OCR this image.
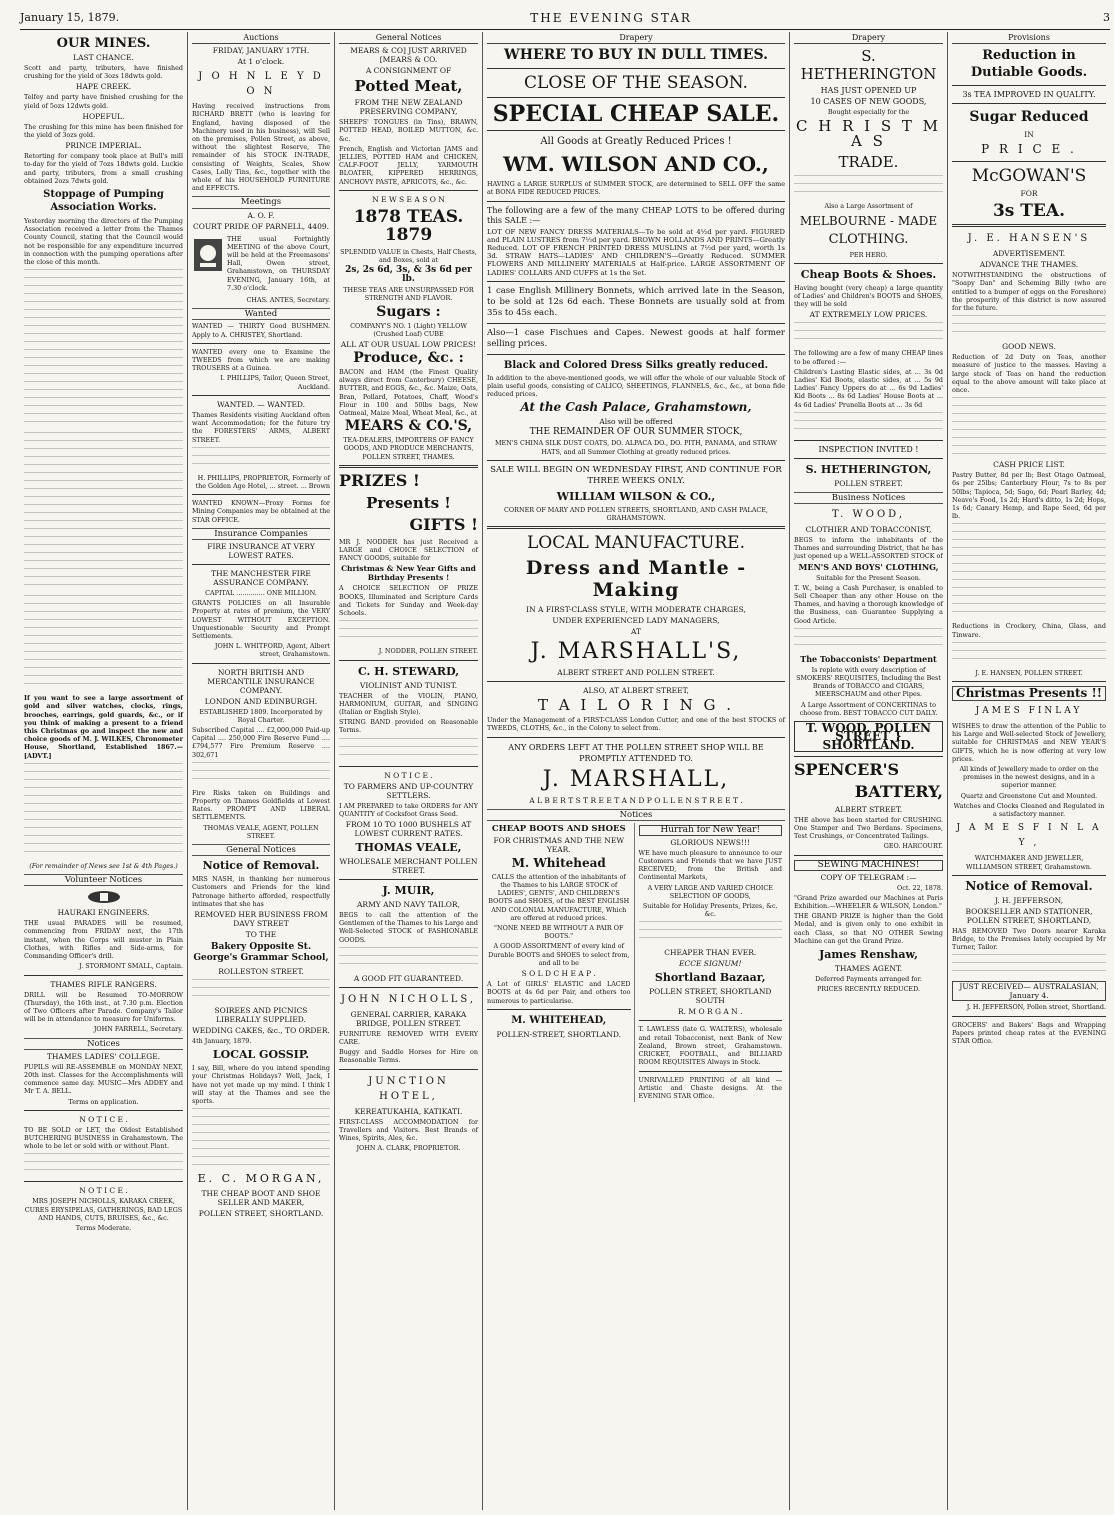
January 15, 1879.	THE EVENING STAR	3
OUR MINES.
LAST CHANCE.
Scott and party, tributers, have finished crushing for the yield of 3ozs 18dwts gold.
HAPE CREEK.
Telfey and party have finished crushing for the yield of 5ozs 12dwts gold.
HOPEFUL.
The crushing for this mine has been finished for the yield of 3ozs gold.
PRINCE IMPERIAL.
Retorting for company took place at Bull's mill to-day for the yield of 7ozs 18dwts gold. Luckie and party, tributers, from a small crushing obtained 2ozs 7dwts gold.
Stoppage of Pumping Association Works.
Yesterday morning the directors of the Pumping Association received a letter from the Thames County Council, stating that the Council would not be responsible for any expenditure incurred in connection with the pumping operations after the close of this month.
If you want to see a large assortment of gold and silver watches, clocks, rings, brooches, earrings, gold guards, &c., or if you think of making a present to a friend this Christmas go and inspect the new and choice goods of M. J. WILKES, Chronometer House, Shortland, Established 1867.—[ADVT.]
(For remainder of News see 1st & 4th Pages.)
Volunteer Notices
HAURAKI ENGINEERS.
THE usual PARADES will be resumed, commencing from FRIDAY next, the 17th instant, when the Corps will muster in Plain Clothes, with Rifles and Side-arms, for Commanding Officer's drill.
J. STORMONT SMALL, Captain.
THAMES RIFLE RANGERS.
DRILL will be Resumed TO-MORROW (Thursday), the 16th inst., at 7.30 p.m. Election of Two Officers after Parade. Company's Tailor will be in attendance to measure for Uniforms.
JOHN FARRELL, Secretary.
Notices
THAMES LADIES' COLLEGE.
PUPILS will RE-ASSEMBLE on MONDAY NEXT, 20th inst. Classes for the Accomplishments will commence same day. MUSIC—Mrs ADDEY and Mr T. A. BELL.
Terms on application.
N O T I C E .
TO BE SOLD or LET, the Oldest Established BUTCHERING BUSINESS in Grahamstown. The whole to be let or sold with or without Plant.
N O T I C E .
MRS JOSEPH NICHOLLS, KARAKA CREEK, CURES ERYSIPELAS, GATHERINGS, BAD LEGS AND HANDS, CUTS, BRUISES, &c., &c.
Terms Moderate.
Auctions
FRIDAY, JANUARY 17TH.
At 1 o'clock.
J O H N L E Y D O N
Having received instructions from RICHARD BRETT (who is leaving for England, having disposed of the Machinery used in his business), will Sell on the premises, Pollen Street, as above, without the slightest Reserve, The remainder of his STOCK IN-TRADE, consisting of Weights, Scales, Show Cases, Lolly Tins, &c., together with the whole of his HOUSEHOLD FURNITURE and EFFECTS.
Meetings
A. O. F.
COURT PRIDE OF PARNELL, 4409.
THE usual Fortnightly MEETING of the above Court, will be held at the Freemasons' Hall, Owen street, Grahamstown, on THURSDAY EVENING, January 16th, at 7.30 o'clock.
CHAS. ANTES, Secretary.
Wanted
WANTED — THIRTY Good BUSHMEN. Apply to A. CHRISTEY, Shortland.
WANTED every one to Examine the TWEEDS from which we are making TROUSERS at a Guinea.
I. PHILLIPS, Tailor, Queen Street, Auckland.
WANTED. — WANTED.
Thames Residents visiting Auckland often want Accommodation; for the future try the FORESTERS' ARMS, ALBERT STREET.
H. PHILLIPS, PROPRIETOR, Formerly of the Golden Age Hotel, ... street. ... Brown
WANTED KNOWN—Proxy Forms for Mining Companies may be obtained at the STAR OFFICE.
Insurance Companies
FIRE INSURANCE AT VERY LOWEST RATES.
THE MANCHESTER FIRE ASSURANCE COMPANY.
CAPITAL .............. ONE MILLION.
GRANTS POLICIES on all Insurable Property at rates of premium, the VERY LOWEST WITHOUT EXCEPTION. Unquestionable Security and Prompt Settlements.
JOHN L. WHITFORD, Agent, Albert street, Grahamstown.
NORTH BRITISH AND MERCANTILE INSURANCE COMPANY.
LONDON AND EDINBURGH.
ESTABLISHED 1809. Incorporated by Royal Charter.
Subscribed Capital .... £2,000,000 Paid-up Capital .... 250,000 Fire Reserve Fund .... £794,577 Fire Premium Reserve .... 302,671
Fire Risks taken on Buildings and Property on Thames Goldfields at Lowest Rates. PROMPT AND LIBERAL SETTLEMENTS.
THOMAS VEALE, AGENT, POLLEN STREET.
General Notices
Notice of Removal.
MRS NASH, in thanking her numerous Customers and Friends for the kind Patronage hitherto afforded, respectfully intimates that she has
REMOVED HER BUSINESS FROM DAVY STREET
TO THE
Bakery Opposite St. George's Grammar School,
ROLLESTON STREET.
SOIREES AND PICNICS LIBERALLY SUPPLIED.
WEDDING CAKES, &c., TO ORDER.
4th January, 1879.
LOCAL GOSSIP.
I say, Bill, where do you intend spending your Christmas Holidays? Well, Jack, I have not yet made up my mind. I think I will stay at the Thames and see the sports.
E. C. MORGAN,
THE CHEAP BOOT AND SHOE SELLER AND MAKER,
POLLEN STREET, SHORTLAND.
General Notices
MEARS & CO] JUST ARRIVED [MEARS & CO.
A CONSIGNMENT OF
Potted Meat,
FROM THE NEW ZEALAND PRESERVING COMPANY,
SHEEPS' TONGUES (in Tins), BRAWN, POTTED HEAD, BOILED MUTTON, &c. &c.
French, English and Victorian JAMS and JELLIES, POTTED HAM and CHICKEN, CALF-FOOT JELLY, YARMOUTH BLOATER, KIPPERED HERRINGS, ANCHOVY PASTE, APRICOTS, &c., &c.
N E W S E A S O N
1878 TEAS. 1879
SPLENDID VALUE in Chests, Half Chests, and Boxes, sold at
2s, 2s 6d, 3s, & 3s 6d per lb.
THESE TEAS ARE UNSURPASSED FOR STRENGTH AND FLAVOR.
Sugars :
COMPANY'S NO. 1 (Light) YELLOW (Crushed Loaf) CUBE
ALL AT OUR USUAL LOW PRICES!
Produce, &c. :
BACON and HAM (the Finest Quality always direct from Canterbury) CHEESE, BUTTER, and EGGS, &c., &c. Maize, Oats, Bran, Pollard, Potatoes, Chaff, Wood's Flour in 100 and 50lbs bags, New Oatmeal, Maize Meal, Wheat Meal, &c., at
MEARS & CO.'S,
TEA-DEALERS, IMPORTERS OF FANCY GOODS, AND PRODUCE MERCHANTS, POLLEN STREET, THAMES.
PRIZES !
Presents !
GIFTS !
MR J. NODDER has just Received a LARGE and CHOICE SELECTION of FANCY GOODS, suitable for
Christmas & New Year Gifts and Birthday Presents !
A CHOICE SELECTION OF PRIZE BOOKS, Illuminated and Scripture Cards and Tickets for Sunday and Week-day Schools.
J. NODDER, POLLEN STREET.
C. H. STEWARD,
VIOLINIST AND TUNIST.
TEACHER of the VIOLIN, PIANO, HARMONIUM, GUITAR, and SINGING (Italian or English Style).
STRING BAND provided on Reasonable Terms.
N O T I C E .
TO FARMERS AND UP-COUNTRY SETTLERS.
I AM PREPARED to take ORDERS for ANY QUANTITY of Cocksfoot Grass Seed.
FROM 10 TO 1000 BUSHELS AT LOWEST CURRENT RATES.
THOMAS VEALE,
WHOLESALE MERCHANT POLLEN STREET.
J. MUIR,
ARMY AND NAVY TAILOR,
BEGS to call the attention of the Gentlemen of the Thames to his Large and Well-Selected STOCK of FASHIONABLE GOODS.
A GOOD FIT GUARANTEED.
JOHN NICHOLLS,
GENERAL CARRIER, KARAKA BRIDGE, POLLEN STREET.
FURNITURE REMOVED WITH EVERY CARE.
Buggy and Saddle Horses for Hire on Reasonable Terms.
JUNCTION HOTEL,
KEREATUKAHIA, KATIKATI.
FIRST-CLASS ACCOMMODATION for Travellers and Visitors. Best Brands of Wines, Spirits, Ales, &c.
JOHN A. CLARK, PROPRIETOR.
Drapery
WHERE TO BUY IN DULL TIMES.
CLOSE OF THE SEASON.
SPECIAL CHEAP SALE.
All Goods at Greatly Reduced Prices !
WM. WILSON AND CO.,
HAVING a LARGE SURPLUS of SUMMER STOCK, are determined to SELL OFF the same at BONA FIDE REDUCED PRICES.
The following are a few of the many CHEAP LOTS to be offered during this SALE :—
LOT OF NEW FANCY DRESS MATERIALS—To be sold at 4½d per yard. FIGURED and PLAIN LUSTRES from 7½d per yard. BROWN HOLLANDS AND PRINTS—Greatly Reduced. LOT OF FRENCH PRINTED DRESS MUSLINS at 7½d per yard, worth 1s 3d. STRAW HATS—LADIES' AND CHILDREN'S—Greatly Reduced. SUMMER FLOWERS AND MILLINERY MATERIALS at Half-price. LARGE ASSORTMENT OF LADIES' COLLARS AND CUFFS at 1s the Set.
1 case English Millinery Bonnets, which arrived late in the Season, to be sold at 12s 6d each. These Bonnets are usually sold at from 35s to 45s each.
Also—1 case Fischues and Capes. Newest goods at half former selling prices.
Black and Colored Dress Silks greatly reduced.
In addition to the above-mentioned goods, we will offer the whole of our valuable Stock of plain useful goods, consisting of CALICO, SHEETINGS, FLANNELS, &c., &c., at bona fide reduced prices.
At the Cash Palace, Grahamstown,
Also will be offered
THE REMAINDER OF OUR SUMMER STOCK,
MEN'S CHINA SILK DUST COATS, DO. ALPACA DO., DO. PITH, PANAMA, and STRAW HATS, and all Summer Clothing at greatly reduced prices.
SALE WILL BEGIN ON WEDNESDAY FIRST, AND CONTINUE FOR THREE WEEKS ONLY.
WILLIAM WILSON & CO.,
CORNER OF MARY AND POLLEN STREETS, SHORTLAND, AND CASH PALACE, GRAHAMSTOWN.
LOCAL MANUFACTURE.
Dress and Mantle - Making
IN A FIRST-CLASS STYLE, WITH MODERATE CHARGES,
UNDER EXPERIENCED LADY MANAGERS,
AT
J. MARSHALL'S,
ALBERT STREET AND POLLEN STREET.
ALSO, AT ALBERT STREET,
T A I L O R I N G .
Under the Management of a FIRST-CLASS London Cutter, and one of the best STOCKS of TWEEDS, CLOTHS, &c., in the Colony to select from.
ANY ORDERS LEFT AT THE POLLEN STREET SHOP WILL BE PROMPTLY ATTENDED TO.
J. MARSHALL,
A L B E R T S T R E E T A N D P O L L E N S T R E E T .
Notices
CHEAP BOOTS AND SHOES
FOR CHRISTMAS AND THE NEW YEAR.
M. Whitehead
CALLS the attention of the inhabitants of the Thames to his LARGE STOCK of LADIES', GENTS', AND CHILDREN'S BOOTS and SHOES, of the BEST ENGLISH AND COLONIAL MANUFACTURE, Which are offered at reduced prices.
"NONE NEED BE WITHOUT A PAIR OF BOOTS."
A GOOD ASSORTMENT of every kind of Durable BOOTS and SHOES to select from, and all to be
S O L D C H E A P .
A Lot of GIRLS' ELASTIC and LACED BOOTS at 4s 6d per Pair, and others too numerous to particularise.
M. WHITEHEAD,
POLLEN-STREET, SHORTLAND.
Hurrah for New Year!
GLORIOUS NEWS!!!
WE have much pleasure to announce to our Customers and Friends that we have JUST RECEIVED, from the British and Continental Markets,
A VERY LARGE AND VARIED CHOICE SELECTION OF GOODS,
Suitable for Holiday Presents, Prizes, &c. &c.
CHEAPER THAN EVER.
ECCE SIGNUM!
Shortland Bazaar,
POLLEN STREET, SHORTLAND SOUTH
R. M O R G A N .
T. LAWLESS (late G. WALTERS), wholesale and retail Tobacconist, next Bank of New Zealand, Brown street, Grahamstown. CRICKET, FOOTBALL, and BILLIARD ROOM REQUISITES Always in Stock.
UNRIVALLED PRINTING of all kind —Artistic and Chaste designs. At the EVENING STAR Office.
Drapery
S. HETHERINGTON
HAS JUST OPENED UP
10 CASES OF NEW GOODS,
Bought especially for the
C H R I S T M A S
TRADE.
Also a Large Assortment of
MELBOURNE - MADE
CLOTHING.
PER HERO.
Cheap Boots & Shoes.
Having bought (very cheap) a large quantity of Ladies' and Children's BOOTS and SHOES, they will be sold
AT EXTREMELY LOW PRICES.
The following are a few of many CHEAP lines to be offered :—
Children's Lasting Elastic sides, at ... 3s 0d Ladies' Kid Boots, elastic sides, at ... 5s 9d Ladies' Fancy Uppers do at ... 6s 9d Ladies' Kid Boots ... 8s 6d Ladies' House Boots at ... 4s 6d Ladies' Prunella Boots at ... 3s 6d
INSPECTION INVITED !
S. HETHERINGTON,
POLLEN STREET.
Business Notices
T. WOOD,
CLOTHIER AND TOBACCONIST,
BEGS to inform the inhabitants of the Thames and surrounding District, that he has just opened up a WELL-ASSORTED STOCK of
MEN'S AND BOYS' CLOTHING,
Suitable for the Present Season.
T. W., being a Cash Purchaser, is enabled to Sell Cheaper than any other House on the Thames, and having a thorough knowledge of the Business, can Guarantee Supplying a Good Article.
The Tobacconists' Department
Is replete with every description of SMOKERS' REQUISITES, Including the Best Brands of TOBACCO and CIGARS, MEERSCHAUM and other Pipes.
A Large Assortment of CONCERTINAS to choose from. BEST TOBACCO CUT DAILY.
T. WOOD, POLLEN STREET } SHORTLAND.
SPENCER'S
BATTERY,
ALBERT STREET.
THE above has been started for CRUSHING. One Stamper and Two Berdans. Specimens, Test Crushings, or Concentrated Tailings.
GEO. HARCOURT.
SEWING MACHINES!
COPY OF TELEGRAM :—
Oct. 22, 1878.
"Grand Prize awarded our Machines at Paris Exhibition.—WHEELER & WILSON, London."
THE GRAND PRIZE is higher than the Gold Medal, and is given only to one exhibit in each Class, so that NO OTHER Sewing Machine can get the Grand Prize.
James Renshaw,
THAMES AGENT.
Deferred Payments arranged for.
PRICES RECENTLY REDUCED.
Provisions
Reduction in Dutiable Goods.
3s TEA IMPROVED IN QUALITY.
Sugar Reduced
IN
P R I C E .
McGOWAN'S
FOR
3s TEA.
J. E. HANSEN'S
ADVERTISEMENT.
ADVANCE THE THAMES.
NOTWITHSTANDING the obstructions of "Soapy Dan" and Scheming Billy (who are entitled to a bumper of eggs on the Foreshore) the prosperity of this district is now assured for the future.
GOOD NEWS.
Reduction of 2d Duty on Teas, another measure of justice to the masses. Having a large stock of Teas on hand the reduction equal to the above amount will take place at once.
CASH PRICE LIST.
Pastry Butter, 8d per lb; Best Otago Oatmeal, 6s per 25lbs; Canterbury Flour, 7s to 8s per 50lbs; Tapioca, 5d; Sago, 6d; Pearl Barley, 4d; Neave's Food, 1s 2d; Hard's ditto, 1s 2d; Hops, 1s 6d; Canary Hemp, and Rape Seed, 6d per lb.
Reductions in Crockery, China, Glass, and Tinware.
J. E. HANSEN, POLLEN STREET.
Christmas Presents !!
JAMES FINLAY
WISHES to draw the attention of the Public to his Large and Well-selected Stock of Jewellery, suitable for CHRISTMAS and NEW YEAR'S GIFTS, which he is now offering at very low prices.
All kinds of Jewellery made to order on the premises in the newest designs, and in a superior manner.
Quartz and Greenstone Cut and Mounted.
Watches and Clocks Cleaned and Regulated in a satisfactory manner.
J A M E S F I N L A Y ,
WATCHMAKER AND JEWELLER, WILLIAMSON STREET, Grahamstown.
Notice of Removal.
J. H. JEFFERSON,
BOOKSELLER AND STATIONER, POLLEN STREET, SHORTLAND,
HAS REMOVED Two Doors nearer Karaka Bridge, to the Premises lately occupied by Mr Turner, Tailor.
JUST RECEIVED— AUSTRALASIAN, January 4.
J. H. JEFFERSON, Pollen street, Shortland.
GROCERS' and Bakers' Bags and Wrapping Papers printed cheap rates at the EVENING STAR Office.
